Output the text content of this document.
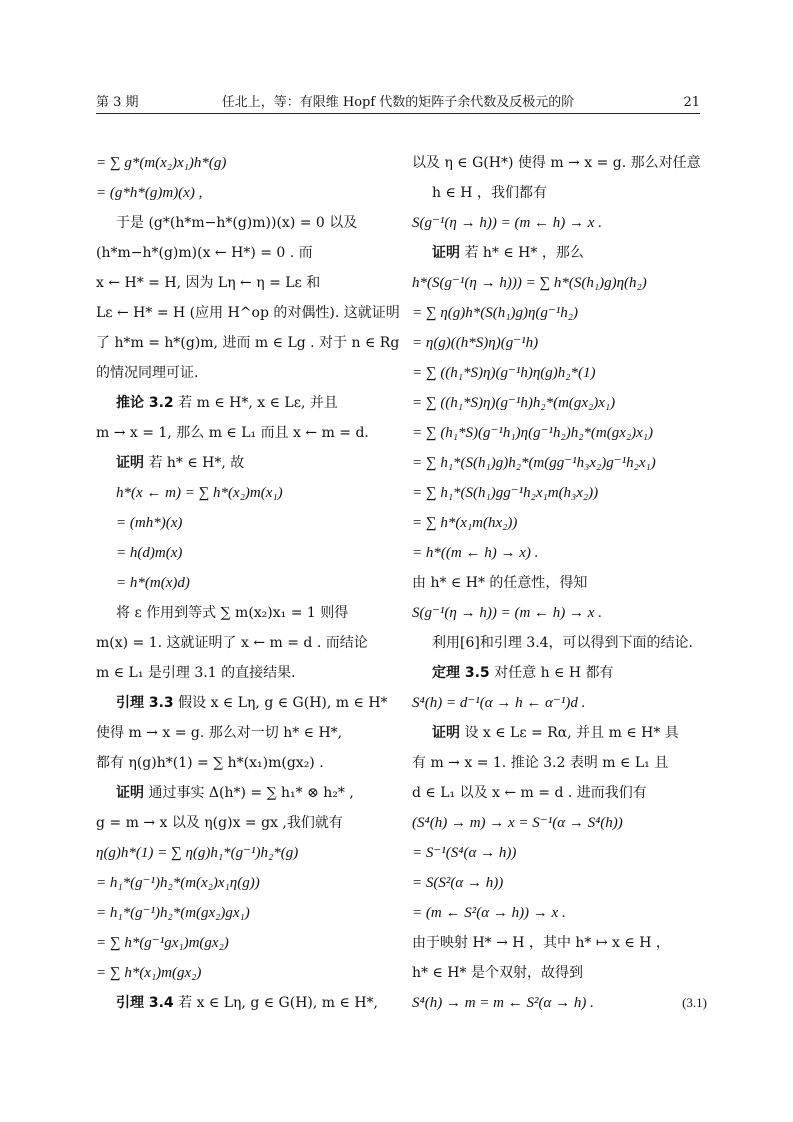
第 3 期	任北上，等：有限维 Hopf 代数的矩阵子余代数及反极元的阶	21
= ∑ g*(m(x₂)x₁)h*(g)
= (g*h*(g)m)(x) ,
于是 (g*(h*m−h*(g)m))(x) = 0 以及
(h*m−h*(g)m)(x ← H*) = 0 . 而
x ← H* = H, 因为 Lη ← η = Lε 和
Lε ← H* = H (应用 H^op 的对偶性). 这就证明
了 h*m = h*(g)m, 进而 m ∈ Lg . 对于 n ∈ Rg
的情况同理可证.
推论 3.2 若 m ∈ H*, x ∈ Lε, 并且
m → x = 1, 那么 m ∈ L₁ 而且 x ← m = d.
证明 若 h* ∈ H*, 故
h*(x ← m) = ∑ h*(x₂)m(x₁)
= (mh*)(x)
= h(d)m(x)
= h*(m(x)d)
将 ε 作用到等式 ∑ m(x₂)x₁ = 1 则得
m(x) = 1. 这就证明了 x ← m = d . 而结论
m ∈ L₁ 是引理 3.1 的直接结果.
引理 3.3 假设 x ∈ Lη, g ∈ G(H), m ∈ H*
使得 m → x = g. 那么对一切 h* ∈ H*,
都有 η(g)h*(1) = ∑ h*(x₁)m(gx₂) .
证明 通过事实 Δ(h*) = ∑ h₁* ⊗ h₂* ,
g = m → x 以及 η(g)x = gx ,我们就有
η(g)h*(1) = ∑ η(g)h₁*(g⁻¹)h₂*(g)
= h₁*(g⁻¹)h₂*(m(x₂)x₁η(g))
= h₁*(g⁻¹)h₂*(m(gx₂)gx₁)
= ∑ h*(g⁻¹gx₁)m(gx₂)
= ∑ h*(x₁)m(gx₂)
引理 3.4 若 x ∈ Lη, g ∈ G(H), m ∈ H*,
以及 η ∈ G(H*) 使得 m → x = g. 那么对任意
h ∈ H ，我们都有
S(g⁻¹(η → h)) = (m ← h) → x .
证明 若 h* ∈ H* ，那么
h*(S(g⁻¹(η → h))) = ∑ h*(S(h₁)g)η(h₂)
= ∑ η(g)h*(S(h₁)g)η(g⁻¹h₂)
= η(g)((h*S)η)(g⁻¹h)
= ∑ ((h₁*S)η)(g⁻¹h)η(g)h₂*(1)
= ∑ ((h₁*S)η)(g⁻¹h)h₂*(m(gx₂)x₁)
= ∑ (h₁*S)(g⁻¹h₁)η(g⁻¹h₂)h₂*(m(gx₂)x₁)
= ∑ h₁*(S(h₁)g)h₂*(m(gg⁻¹h₃x₂)g⁻¹h₂x₁)
= ∑ h₁*(S(h₁)gg⁻¹h₂x₁m(h₃x₂))
= ∑ h*(x₁m(hx₂))
= h*((m ← h) → x) .
由 h* ∈ H* 的任意性，得知
S(g⁻¹(η → h)) = (m ← h) → x .
利用[6]和引理 3.4，可以得到下面的结论.
定理 3.5 对任意 h ∈ H 都有
S⁴(h) = d⁻¹(α → h ← α⁻¹)d .
证明 设 x ∈ Lε = Rα, 并且 m ∈ H* 具
有 m → x = 1. 推论 3.2 表明 m ∈ L₁ 且
d ∈ L₁ 以及 x ← m = d . 进而我们有
(S⁴(h) → m) → x = S⁻¹(α → S⁴(h))
= S⁻¹(S⁴(α → h))
= S(S²(α → h))
= (m ← S²(α → h)) → x .
由于映射 H* → H ，其中 h* ↦ x ∈ H ，
h* ∈ H* 是个双射，故得到
S⁴(h) → m = m ← S²(α → h) .	(3.1)
